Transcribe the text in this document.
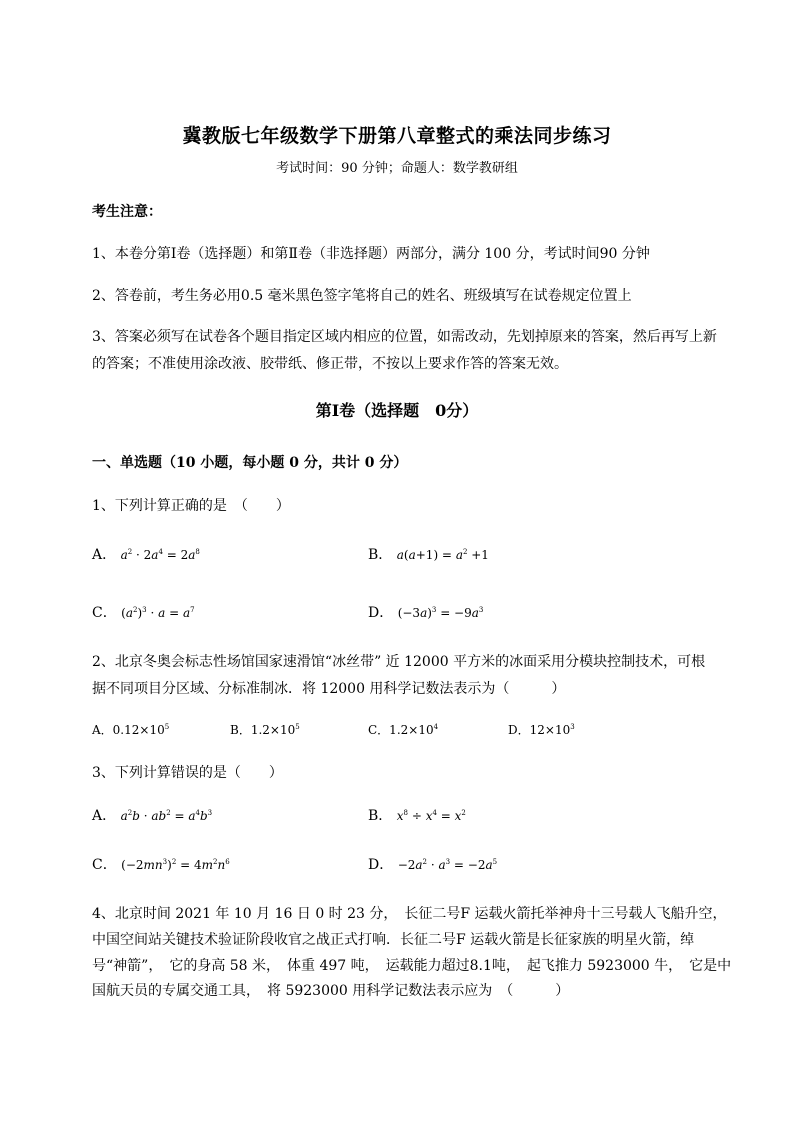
冀教版七年级数学下册第八章整式的乘法同步练习
考试时间：90 分钟；命题人：数学教研组
考生注意：
1、本卷分第Ⅰ卷（选择题）和第Ⅱ卷（非选择题）两部分，满分 100 分，考试时间90 分钟
2、答卷前，考生务必用0.5 毫米黑色签字笔将自己的姓名、班级填写在试卷规定位置上
3、答案必须写在试卷各个题目指定区域内相应的位置，如需改动，先划掉原来的答案，然后再写上新
的答案；不准使用涂改液、胶带纸、修正带，不按以上要求作答的答案无效。
第Ⅰ卷（选择题　0分）
一、单选题（10 小题，每小题 0 分，共计 0 分）
1、下列计算正确的是　（　　）
A． $a^2 \cdot 2a^4 = 2a^8$	B． $a(a+1) = a^2 +1$
C． $(a^2)^3 \cdot a = a^7$	D． $(-3a)^3 = -9a^3$
2、北京冬奥会标志性场馆国家速滑馆“冰丝带” 近 12000 平方米的冰面采用分模块控制技术，可根
据不同项目分区域、分标准制冰．将 12000 用科学记数法表示为（　　　）
A．$0.12\times 10^5$	B．$1.2\times 10^5$	C．$1.2\times 10^4$	D．$12\times 10^3$
3、下列计算错误的是（　　）
A． $a^2b \cdot ab^2 = a^4b^3$	B． $x^8 \div x^4 = x^2$
C． $(-2mn^3)^2 = 4m^2n^6$	D． $-2a^2 \cdot a^3 = -2a^5$
4、北京时间 2021 年 10 月 16 日 0 时 23 分，　长征二号F 运载火箭托举神舟十三号载人飞船升空，
中国空间站关键技术验证阶段收官之战正式打响．长征二号F 运载火箭是长征家族的明星火箭，绰
号“神箭”，　它的身高 58 米，　体重 497 吨，　运载能力超过8.1吨，　起飞推力 5923000 牛，　它是中
国航天员的专属交通工具，　将 5923000 用科学记数法表示应为　（　　　）
